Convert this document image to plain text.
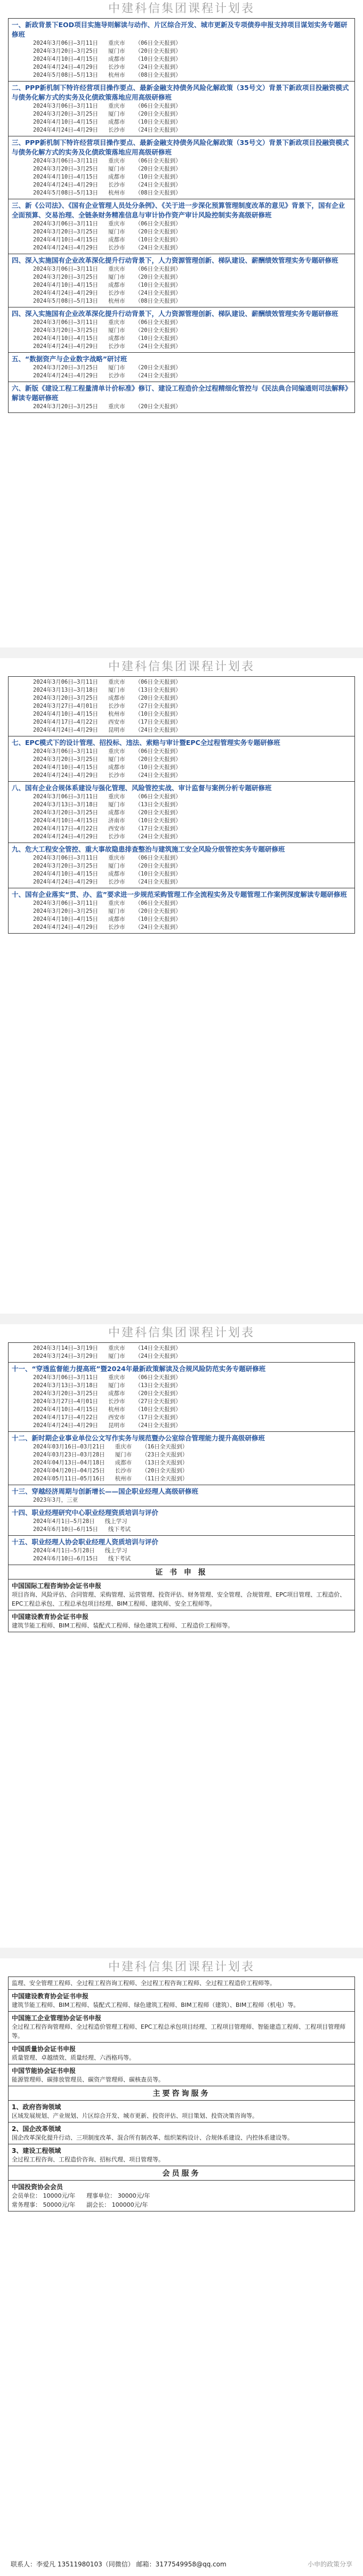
中建科信集团课程计划表
一、新政背景下EOD项目实施导则解读与动作、片区综合开发、城市更新及专项债券申报支持项目谋划实务专题研修班
2024年3月06日—3月11日 重庆市 （06日全天报到）
2024年3月20日—3月25日 厦门市 （20日全天报到）
2024年4月10日—4月15日 成都市 （10日全天报到）
2024年4月24日—4月29日 长沙市 （24日全天报到）
2024年5月08日—5月13日 杭州市 （08日全天报到）

二、PPP新机制下特许经营项目操作要点、最新金融支持债务风险化解政策（35号文）背景下新政项目投融资模式与债务化解方式的实务及化债政策落地应用高级研修班
2024年3月06日—3月11日 重庆市 （06日全天报到）
2024年3月20日—3月25日 厦门市 （20日全天报到）
2024年4月10日—4月15日 成都市 （10日全天报到）
2024年4月24日—4月29日 长沙市 （24日全天报到）

三、PPP新机制下特许经营项目操作要点、最新金融支持债务风险化解政策（35号文）背景下新政项目投融资模式与债务化解方式的实务及化债政策落地应用高级研修班
2024年3月06日—3月11日 重庆市 （06日全天报到）
2024年3月20日—3月25日 厦门市 （20日全天报到）
2024年4月10日—4月15日 成都市 （10日全天报到）
2024年4月24日—4月29日 长沙市 （24日全天报到）
2024年5月08日—5月13日 杭州市 （08日全天报到）

三、新《公司法》、《国有企业管理人员处分条例》、《关于进一步深化预算管理制度改革的意见》背景下，国有企业全面预算、交易治理、全链条财务精准信息与审计协作资产审计风险控制实务高级研修班
2024年3月06日—3月11日 重庆市 （06日全天报到）
2024年3月20日—3月25日 厦门市 （20日全天报到）
2024年4月10日—4月15日 成都市 （10日全天报到）
2024年4月24日—4月29日 长沙市 （24日全天报到）

四、深入实施国有企业改革深化提升行动背景下，人力资源管理创新、梯队建设、薪酬绩效管理实务专题研修班
2024年3月06日—3月11日 重庆市 （06日全天报到）
2024年3月20日—3月25日 厦门市 （20日全天报到）
2024年4月10日—4月15日 成都市 （10日全天报到）
2024年4月24日—4月29日 长沙市 （24日全天报到）
2024年5月08日—5月13日 杭州市 （08日全天报到）

四、深入实施国有企业改革深化提升行动背景下，人力资源管理创新、梯队建设、薪酬绩效管理实务专题研修班
2024年3月06日—3月11日 重庆市 （06日全天报到）
2024年3月20日—3月25日 厦门市 （20日全天报到）
2024年4月10日—4月15日 成都市 （10日全天报到）
2024年4月24日—4月29日 长沙市 （24日全天报到）

五、“数据资产与企业数字战略”研讨班
2024年3月20日—3月25日 厦门市 （20日全天报到）
2024年4月24日—4月29日 长沙市 （24日全天报到）

六、新版《建设工程工程量清单计价标准》修订、建设工程造价全过程精细化管控与《民法典合同编通则司法解释》解读专题研修班
2024年3月20日—3月25日 重庆市 （20日全天报到）
中建科信集团课程计划表
2024年3月06日—3月11日 重庆市 （06日全天报到）
2024年3月13日—3月18日 厦门市 （13日全天报到）
2024年3月20日—3月25日 成都市 （20日全天报到）
2024年3月27日—4月01日 长沙市 （27日全天报到）
2024年4月10日—4月15日 杭州市 （10日全天报到）
2024年4月17日—4月22日 西安市 （17日全天报到）
2024年4月24日—4月29日 昆明市 （24日全天报到）

七、EPC模式下的设计管理、招投标、违法、索赔与审计暨EPC全过程管理实务专题研修班
2024年3月06日—3月11日 重庆市 （06日全天报到）
2024年3月20日—3月25日 厦门市 （20日全天报到）
2024年4月10日—4月15日 成都市 （10日全天报到）
2024年4月24日—4月29日 长沙市 （24日全天报到）

八、国有企业合规体系建设与强化管理、风险管控实战、审计监督与案例分析专题研修班
2024年3月06日—3月11日 重庆市 （06日全天报到）
2024年3月13日—3月18日 厦门市 （13日全天报到）
2024年3月20日—3月25日 成都市 （20日全天报到）
2024年4月10日—4月15日 济南市 （10日全天报到）
2024年4月17日—4月22日 西安市 （17日全天报到）
2024年4月24日—4月29日 长沙市 （24日全天报到）

九、危大工程安全管控、重大事故隐患排查整治与建筑施工安全风险分级管控实务专题研修班
2024年3月06日—3月11日 重庆市 （06日全天报到）
2024年3月20日—3月25日 厦门市 （20日全天报到）
2024年4月10日—4月15日 成都市 （10日全天报到）
2024年4月24日—4月29日 长沙市 （24日全天报到）

十、国有企业落实“贯、办、监”要求进一步规范采购管理工作全流程实务及专题管理工作案例深度解读专题研修班
2024年3月06日—3月11日 重庆市 （06日全天报到）
2024年3月20日—3月25日 厦门市 （20日全天报到）
2024年4月10日—4月15日 成都市 （10日全天报到）
2024年4月24日—4月29日 长沙市 （24日全天报到）
中建科信集团课程计划表
2024年3月14日—3月19日 重庆市 （14日全天报到）
2024年3月24日—3月29日 厦门市 （24日全天报到）

十一、“穿透监督能力提高班”暨2024年最新政策解读及合规风险防范实务专题研修班
2024年3月06日—3月11日 重庆市 （06日全天报到）
2024年3月13日—3月18日 厦门市 （13日全天报到）
2024年3月20日—3月25日 成都市 （20日全天报到）
2024年3月27日—4月01日 长沙市 （27日全天报到）
2024年4月10日—4月15日 杭州市 （10日全天报到）
2024年4月17日—4月22日 西安市 （17日全天报到）
2024年4月24日—4月29日 昆明市 （24日全天报到）

十二、新时期企业事业单位公文写作实务与规范暨办公室综合管理能力提升高级研修班
2024年03月16日—03月21日 重庆市 （16日全天报到）
2024年03月23日—03月28日 厦门市 （23日全天报到）
2024年04月13日—04月18日 成都市 （13日全天报到）
2024年04月20日—04月25日 长沙市 （20日全天报到）
2024年05月11日—05月16日 杭州市 （11日全天报到）

十三、穿越经济周期与创新增长——国企职业经理人高级研修班
2023年3月，三亚

十四、职业经理研究中心职业经理资质培训与评价
2024年4月1日—5月28日 线上学习
2024年6月10日—6月15日 线下考试

十五、职业经理人协会职业经理人资质培训与评价
2024年4月1日—5月28日 线上学习
2024年6月10日—6月15日 线下考试

证 书 申 报

中国国际工程咨询协会证书申报
项目咨询、风险评估、合同管理、采购管理、运营管理、投资评估、财务管理、安全管理、合规管理、EPC项目管理、工程造价、EPC工程总承包、工程总承包项目经理、BIM工程师、建筑师、安全工程师等。

中国建设教育协会证书申报
建筑节能工程师、BIM工程师、装配式工程师、绿色建筑工程师、工程造价工程师等。
中建科信集团课程计划表
监理、安全管理工程师、全过程工程咨询工程师、全过程工程咨询工程师、全过程工程造价工程师等。

中国建设教育协会证书申报
建筑节能工程师、BIM工程师、装配式工程师、绿色建筑工程师、BIM工程师（建筑）、BIM工程师（机电）等。

中国施工企业管理协会证书申报
全过程工程咨询管理师、全过程造价管理工程师、EPC工程总承包项目经理、工程项目管理师、智能建造工程师、工程项目管理师等。

中国质量协会证书申报
质量管理、卓越绩效、质量经理、六西格玛等。

中国节能协会证书申报
能源管理师、碳排放管理员、碳资产管理师、碳核查员等。

主要咨询服务

1、政府咨询领域
区域发展规划、产业规划、片区综合开发、城市更新、投资评估、项目策划、投资决策咨询等。

2、国企改革领域
国企改革深化提升行动、三项制度改革、混合所有制改革、组织架构设计、合规体系建设、内控体系建设等。

3、建设工程领域
全过程工程咨询、工程造价咨询、招标代理、项目管理等。

会员服务

中国投资协会会员
会员单位： 10000元/年 理事单位： 30000元/年
常务理事： 50000元/年 副会长： 100000元/年
联系人：李爱凡 13511980103（同微信） 邮箱：3177549958@qq.com	小申的政策分享
